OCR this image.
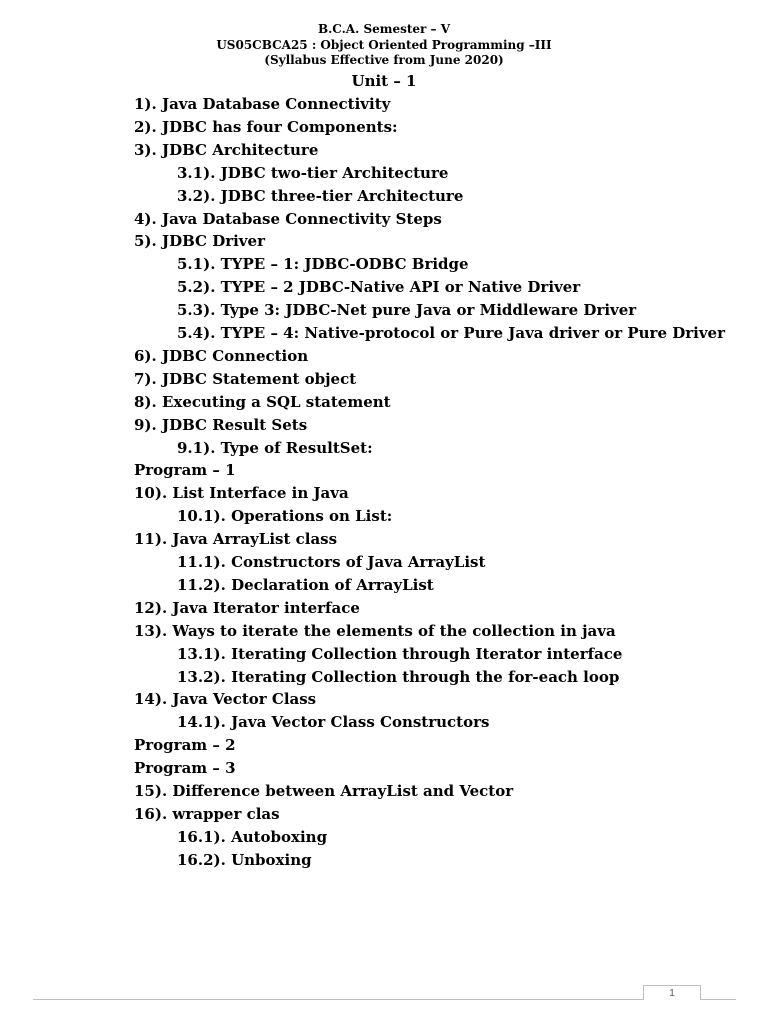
B.C.A. Semester – V
US05CBCA25 : Object Oriented Programming –III
(Syllabus Effective from June 2020)
Unit – 1
1). Java Database Connectivity
2). JDBC has four Components:
3). JDBC Architecture
3.1). JDBC two-tier Architecture
3.2). JDBC three-tier Architecture
4). Java Database Connectivity Steps
5). JDBC Driver
5.1). TYPE – 1: JDBC-ODBC Bridge
5.2). TYPE – 2 JDBC-Native API or Native Driver
5.3). Type 3: JDBC-Net pure Java or Middleware Driver
5.4). TYPE – 4: Native-protocol or Pure Java driver or Pure Driver
6). JDBC Connection
7). JDBC Statement object
8). Executing a SQL statement
9). JDBC Result Sets
9.1). Type of ResultSet:
Program – 1
10). List Interface in Java
10.1). Operations on List:
11). Java ArrayList class
11.1). Constructors of Java ArrayList
11.2). Declaration of ArrayList
12). Java Iterator interface
13). Ways to iterate the elements of the collection in java
13.1). Iterating Collection through Iterator interface
13.2). Iterating Collection through the for-each loop
14). Java Vector Class
14.1). Java Vector Class Constructors
Program – 2
Program – 3
15). Difference between ArrayList and Vector
16). wrapper clas
16.1). Autoboxing
16.2). Unboxing
1
